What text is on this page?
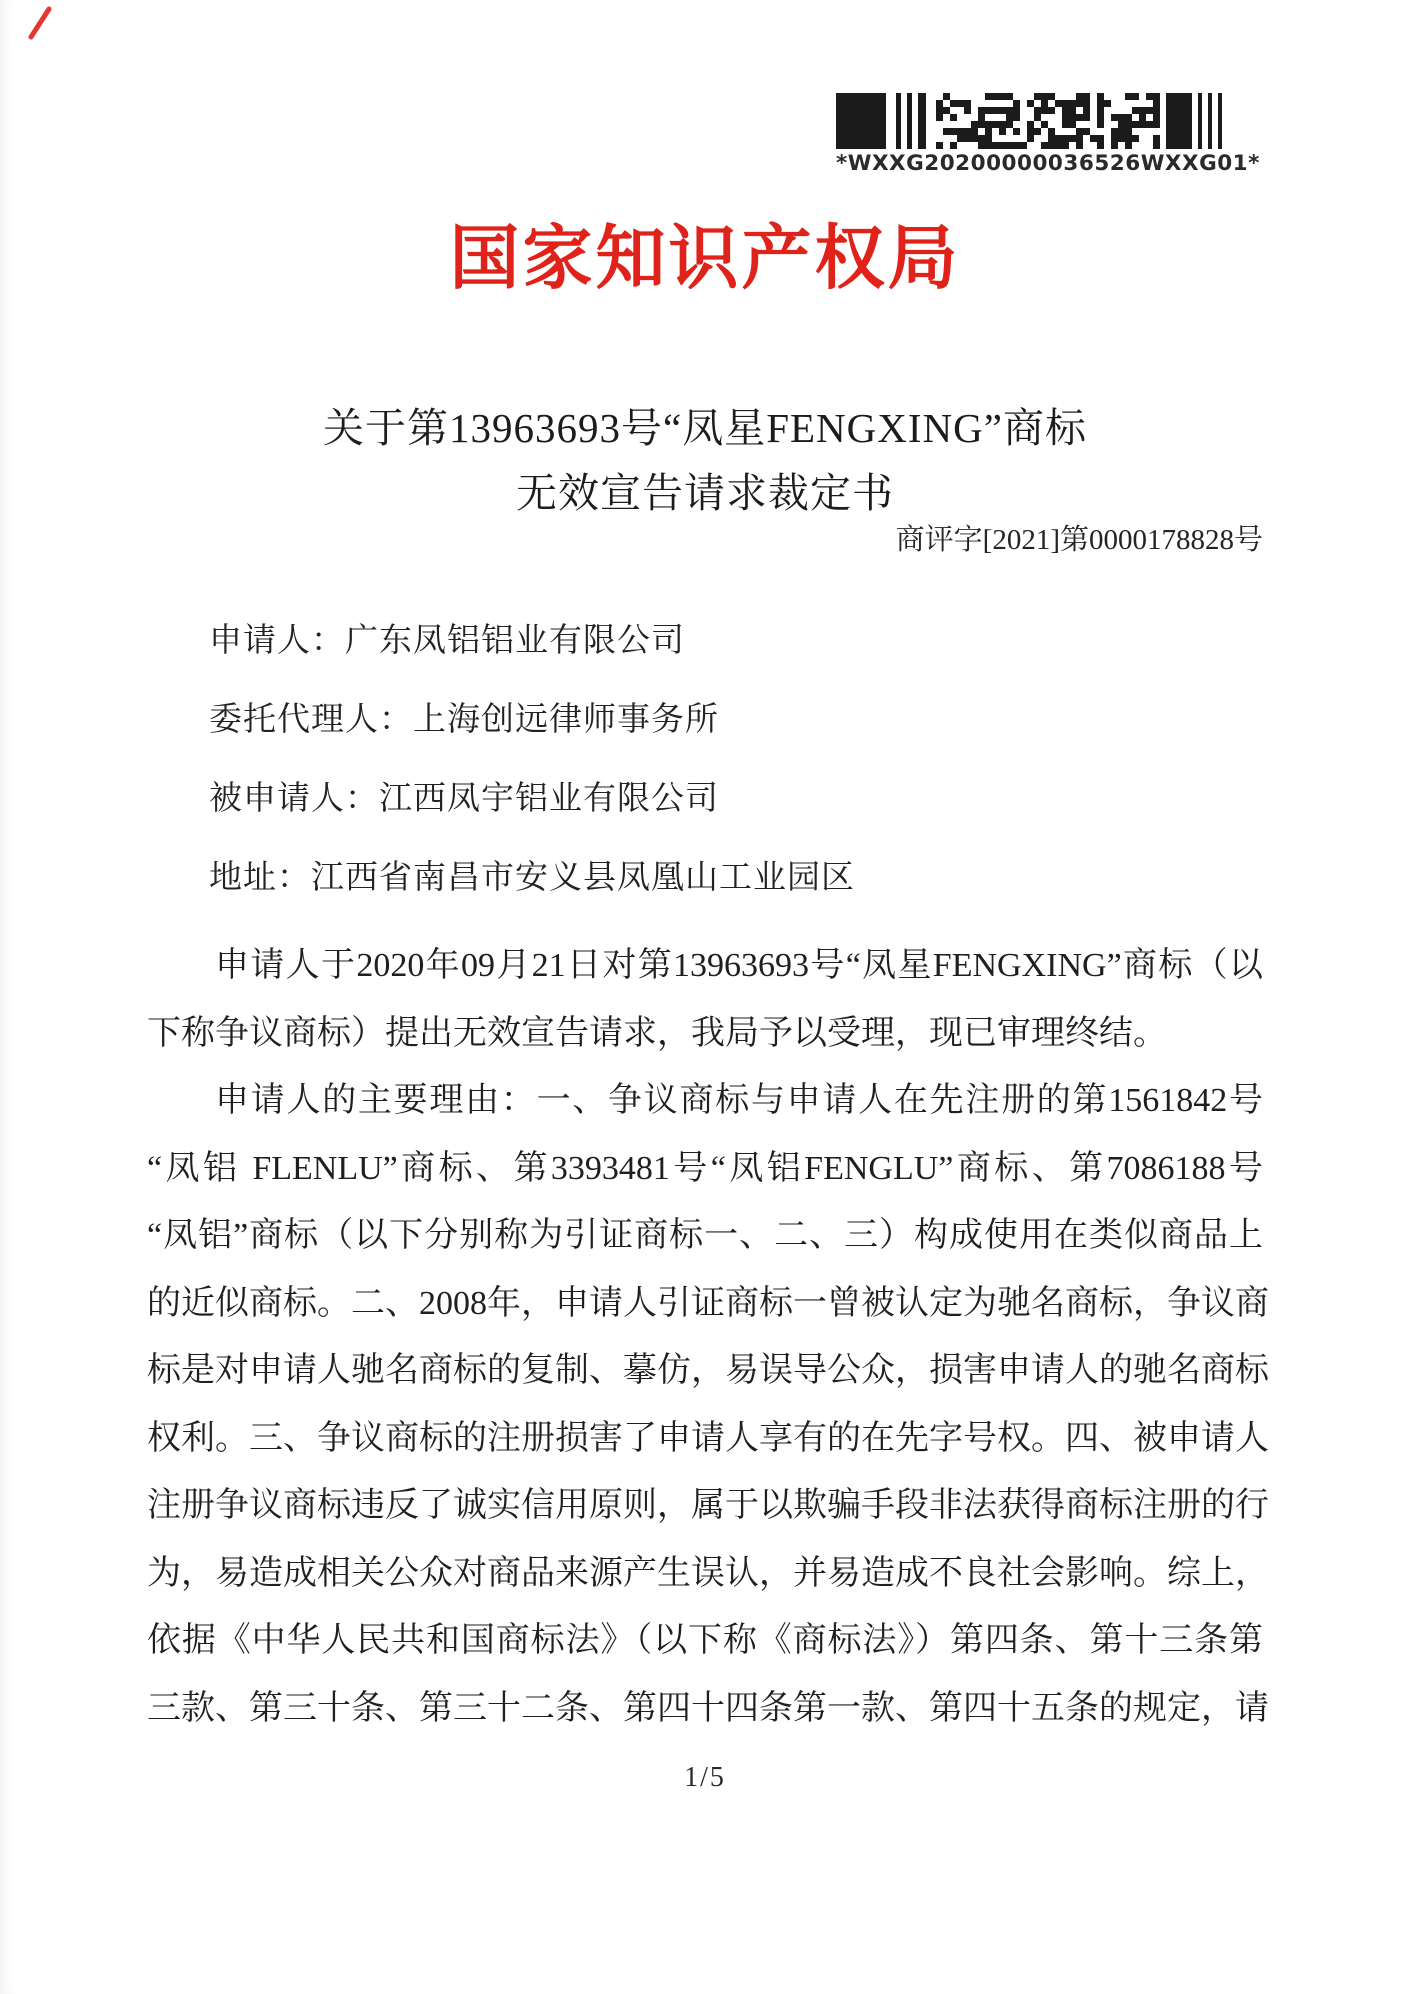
*WXXG20200000036526WXXG01*
国家知识产权局
关于第13963693号“凤星FENGXING”商标
无效宣告请求裁定书
商评字[2021]第0000178828号
申请人：广东凤铝铝业有限公司
委托代理人：上海创远律师事务所
被申请人：江西凤宇铝业有限公司
地址：江西省南昌市安义县凤凰山工业园区
申请人于2020年09月21日对第13963693号“凤星FENGXING”商标（以
下称争议商标）提出无效宣告请求，我局予以受理，现已审理终结。
申请人的主要理由：一、争议商标与申请人在先注册的第1561842号
“凤铝 FLENLU”商标、第3393481号“凤铝FENGLU”商标、第7086188号
“凤铝”商标（以下分别称为引证商标一、二、三）构成使用在类似商品上
的近似商标。二、2008年，申请人引证商标一曾被认定为驰名商标，争议商
标是对申请人驰名商标的复制、摹仿，易误导公众，损害申请人的驰名商标
权利。三、争议商标的注册损害了申请人享有的在先字号权。四、被申请人
注册争议商标违反了诚实信用原则，属于以欺骗手段非法获得商标注册的行
为，易造成相关公众对商品来源产生误认，并易造成不良社会影响。综上，
依据《中华人民共和国商标法》（以下称《商标法》）第四条、第十三条第
三款、第三十条、第三十二条、第四十四条第一款、第四十五条的规定，请
1/5
